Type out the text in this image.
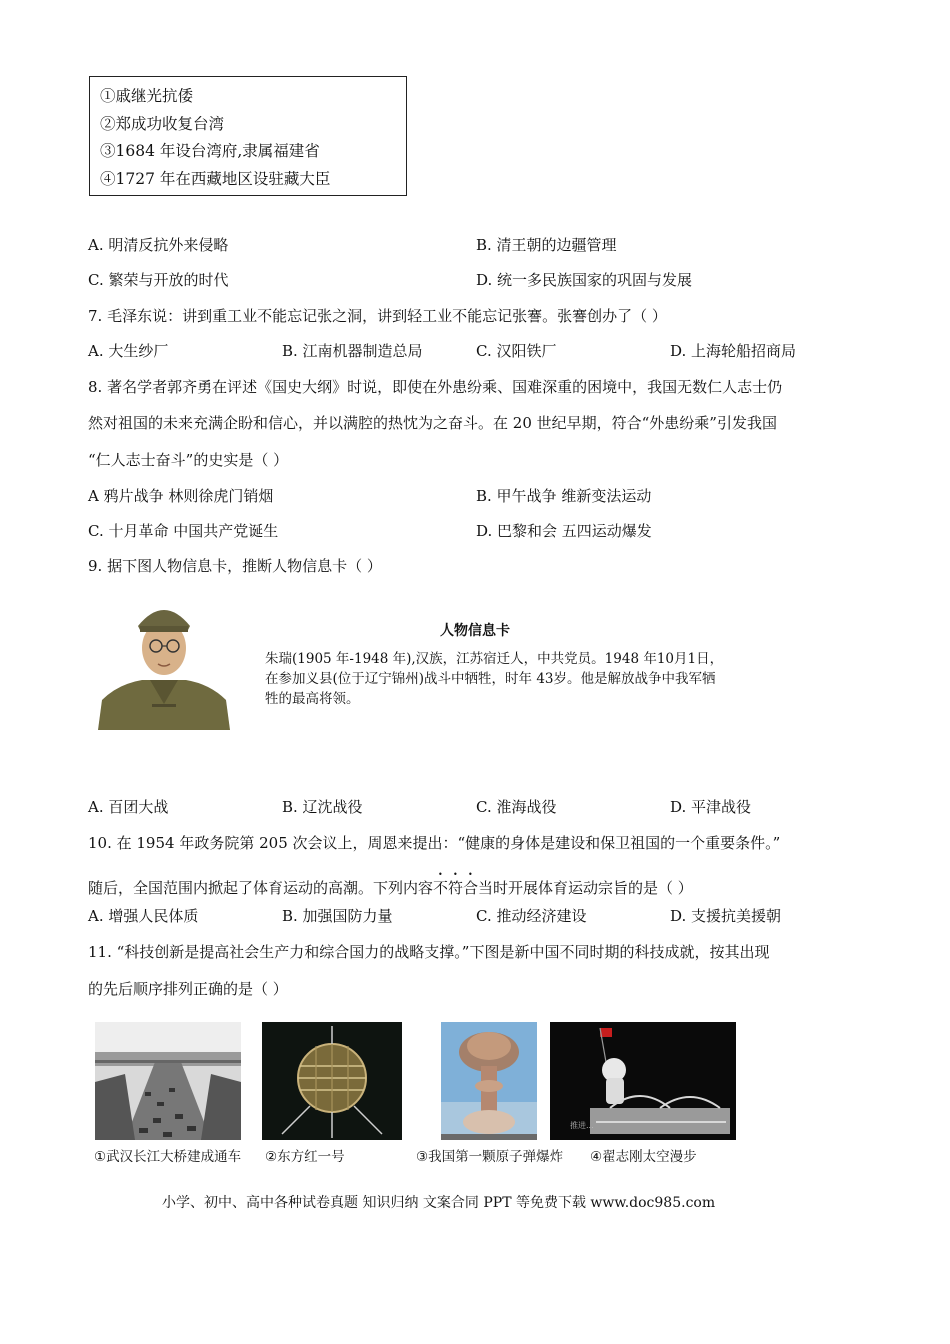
①戚继光抗倭
②郑成功收复台湾
③1684 年设台湾府,隶属福建省
④1727 年在西藏地区设驻藏大臣
A. 明清反抗外来侵略	B. 清王朝的边疆管理
C. 繁荣与开放的时代	D. 统一多民族国家的巩固与发展
7. 毛泽东说：讲到重工业不能忘记张之洞，讲到轻工业不能忘记张謇。张謇创办了（ ）
A. 大生纱厂	B. 江南机器制造总局	C. 汉阳铁厂	D. 上海轮船招商局
8. 著名学者郭齐勇在评述《国史大纲》时说，即使在外患纷乘、国难深重的困境中，我国无数仁人志士仍
然对祖国的未来充满企盼和信心，并以满腔的热忱为之奋斗。在 20 世纪早期，符合“外患纷乘”引发我国
“仁人志士奋斗”的史实是（ ）
A 鸦片战争 林则徐虎门销烟	B. 甲午战争 维新变法运动
C. 十月革命 中国共产党诞生	D. 巴黎和会 五四运动爆发
9. 据下图人物信息卡，推断人物信息卡（ ）
人物信息卡
朱瑞(1905 年-1948 年),汉族，江苏宿迁人，中共党员。1948 年10月1日，在参加义县(位于辽宁锦州)战斗中牺牲，时年 43岁。他是解放战争中我军牺牲的最高将领。
A. 百团大战	B. 辽沈战役	C. 淮海战役	D. 平津战役
10. 在 1954 年政务院第 205 次会议上，周恩来提出：“健康的身体是建设和保卫祖国的一个重要条件。”
随后，全国范围内掀起了体育运动的高潮。下列内容不符合当时开展体育运动宗旨的是（ ）
A. 增强人民体质	B. 加强国防力量	C. 推动经济建设	D. 支援抗美援朝
11. “科技创新是提高社会生产力和综合国力的战略支撑。”下图是新中国不同时期的科技成就，按其出现
的先后顺序排列正确的是（ ）
推进...
①武汉长江大桥建成通车 ②东方红一号	③我国第一颗原子弹爆炸 ④翟志刚太空漫步
小学、初中、高中各种试卷真题 知识归纳 文案合同 PPT 等免费下载 www.doc985.com
